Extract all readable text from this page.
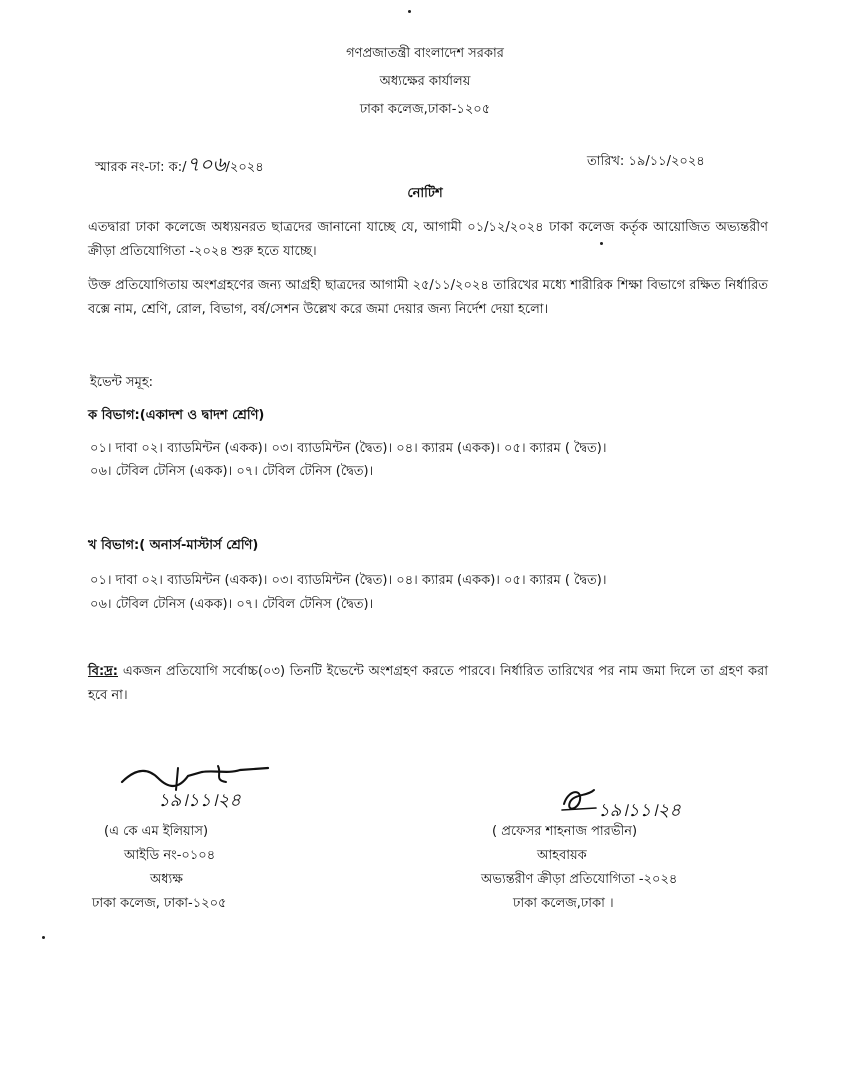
গণপ্রজাতন্ত্রী বাংলাদেশ সরকার
অধ্যক্ষের কার্যালয়
ঢাকা কলেজ,ঢাকা-১২০৫
স্মারক নং-ঢা: ক:/৭০৬/২০২৪	তারিখ: ১৯/১১/২০২৪
নোটিশ
এতদ্বারা ঢাকা কলেজে অধ্যয়নরত ছাত্রদের জানানো যাচ্ছে যে, আগামী ০১/১২/২০২৪ ঢাকা কলেজ কর্তৃক আয়োজিত অভ্যন্তরীণ ক্রীড়া প্রতিযোগিতা -২০২৪ শুরু হতে যাচ্ছে।
উক্ত প্রতিযোগিতায় অংশগ্রহণের জন্য আগ্রহী ছাত্রদের আগামী ২৫/১১/২০২৪ তারিখের মধ্যে শারীরিক শিক্ষা বিভাগে রক্ষিত নির্ধারিত বক্সে নাম, শ্রেণি, রোল, বিভাগ, বর্ষ/সেশন উল্লেখ করে জমা দেয়ার জন্য নির্দেশ দেয়া হলো।
ইভেন্ট সমূহ:
ক বিভাগ:(একাদশ ও দ্বাদশ শ্রেণি)
০১। দাবা ০২। ব্যাডমিন্টন (একক)। ০৩। ব্যাডমিন্টন (দ্বৈত)। ০৪। ক্যারম (একক)। ০৫। ক্যারম ( দ্বৈত)।
০৬। টেবিল টেনিস (একক)। ০৭। টেবিল টেনিস (দ্বৈত)।
খ বিভাগ:( অনার্স-মাস্টার্স শ্রেণি)
০১। দাবা ০২। ব্যাডমিন্টন (একক)। ০৩। ব্যাডমিন্টন (দ্বৈত)। ০৪। ক্যারম (একক)। ০৫। ক্যারম ( দ্বৈত)।
০৬। টেবিল টেনিস (একক)। ০৭। টেবিল টেনিস (দ্বৈত)।
বি:দ্র: একজন প্রতিযোগি সর্বোচ্চ(০৩) তিনটি ইভেন্টে অংশগ্রহণ করতে পারবে। নির্ধারিত তারিখের পর নাম জমা দিলে তা গ্রহণ করা হবে না।
১৯।১১।২৪
(এ কে এম ইলিয়াস)
আইডি নং-০১০৪
অধ্যক্ষ
ঢাকা কলেজ, ঢাকা-১২০৫
১৯।১১।২৪
( প্রফেসর শাহনাজ পারভীন)
আহবায়ক
অভ্যন্তরীণ ক্রীড়া প্রতিযোগিতা -২০২৪
ঢাকা কলেজ,ঢাকা ।
